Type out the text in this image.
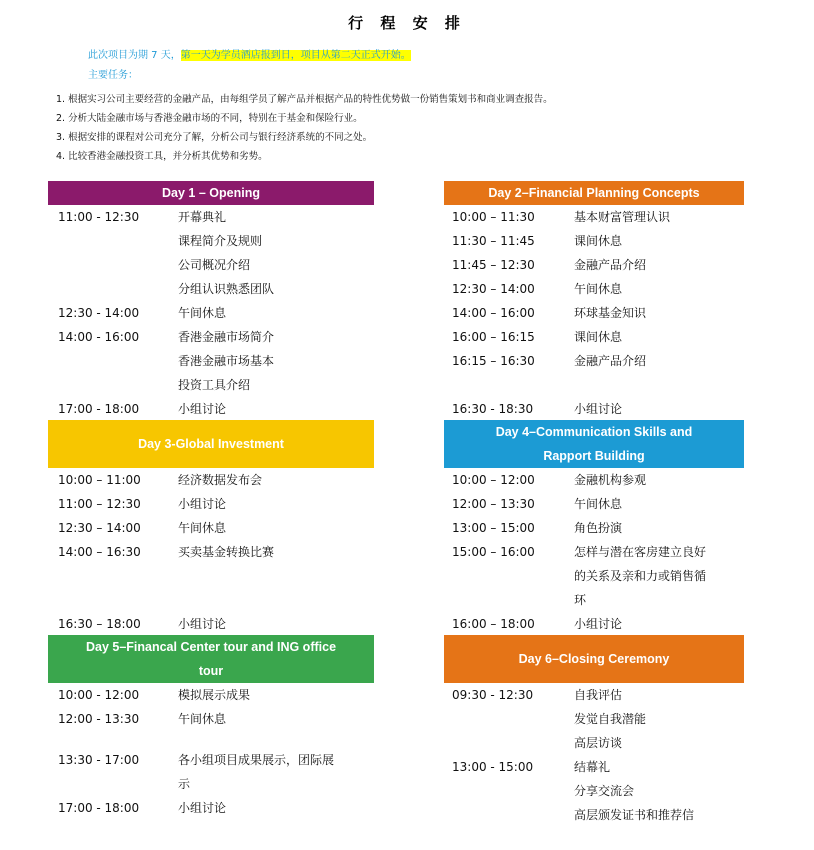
行 程 安 排
此次项目为期 7 天，第一天为学员酒店报到日，项目从第二天正式开始。
主要任务：
1. 根据实习公司主要经营的金融产品，由每组学员了解产品并根据产品的特性优势做一份销售策划书和商业调查报告。
2. 分析大陆金融市场与香港金融市场的不同，特别在于基金和保险行业。
3. 根据安排的课程对公司充分了解，分析公司与银行经济系统的不同之处。
4. 比较香港金融投资工具，并分析其优势和劣势。
Day 1 – Opening
11:00 - 12:30	开幕典礼
课程简介及规则
公司概况介绍
分组认识熟悉团队
12:30 - 14:00	午间休息
14:00 - 16:00	香港金融市场简介
香港金融市场基本
投资工具介绍
17:00 - 18:00	小组讨论
Day 2–Financial Planning Concepts
10:00 – 11:30	基本财富管理认识
11:30 – 11:45	课间休息
11:45 – 12:30	金融产品介绍
12:30 – 14:00	午间休息
14:00 – 16:00	环球基金知识
16:00 – 16:15	课间休息
16:15 – 16:30	金融产品介绍
16:30 - 18:30	小组讨论
Day 3-Global Investment
10:00 – 11:00	经济数据发布会
11:00 – 12:30	小组讨论
12:30 – 14:00	午间休息
14:00 – 16:30	买卖基金转换比赛
16:30 – 18:00	小组讨论
Day 4–Communication Skills and
Rapport Building
10:00 – 12:00	金融机构参观
12:00 – 13:30	午间休息
13:00 – 15:00	角色扮演
15:00 – 16:00	怎样与潜在客房建立良好
的关系及亲和力或销售循
环
16:00 – 18:00	小组讨论
Day 5–Financal Center tour and ING office
tour
10:00 - 12:00	模拟展示成果
12:00 - 13:30	午间休息
13:30 - 17:00	各小组项目成果展示，团际展
示
17:00 - 18:00	小组讨论
Day 6–Closing Ceremony
09:30 - 12:30	自我评估
发觉自我潜能
高层访谈
13:00 - 15:00	结幕礼
分享交流会
高层颁发证书和推荐信
